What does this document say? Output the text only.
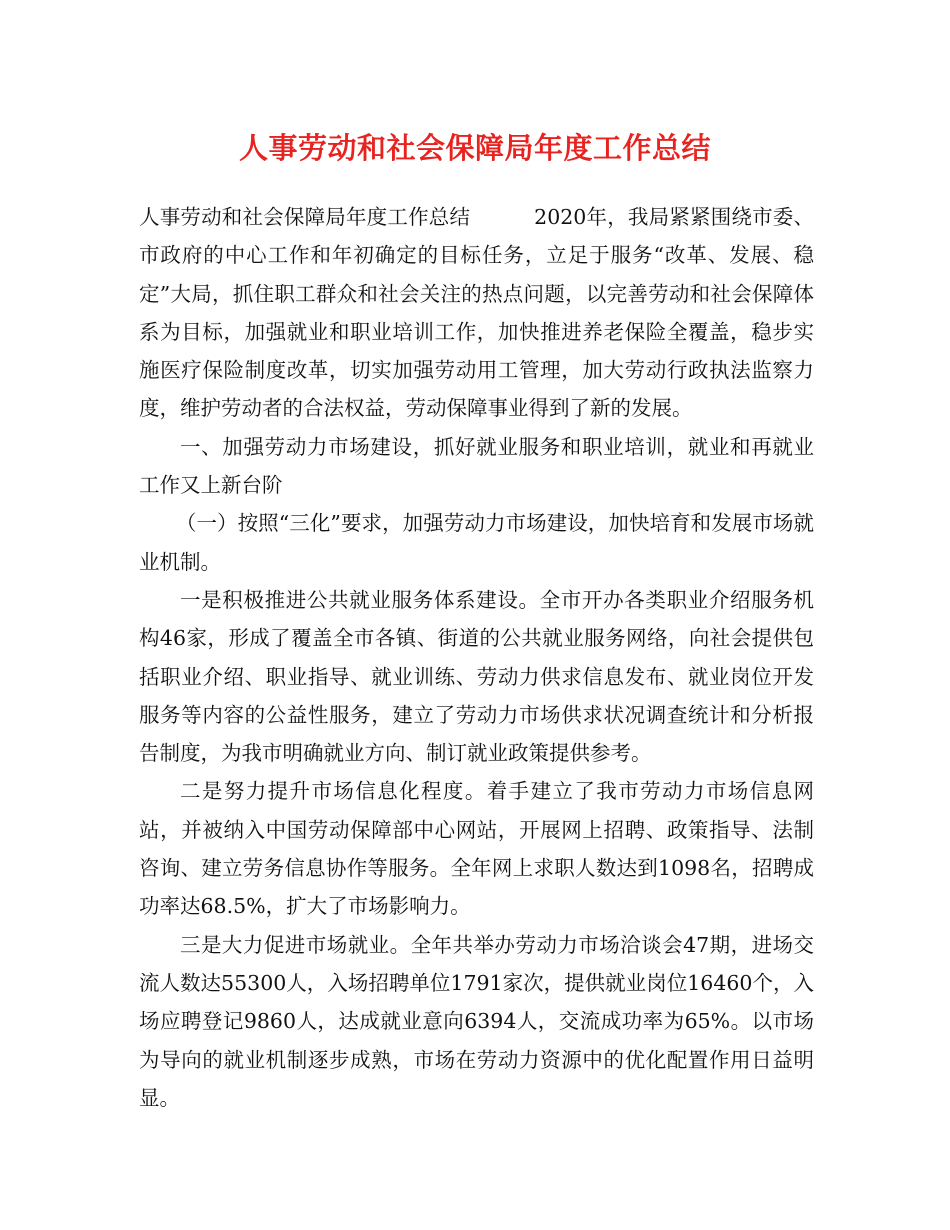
人事劳动和社会保障局年度工作总结

人事劳动和社会保障局年度工作总结	2020年，我局紧紧围绕市委、市政府的中心工作和年初确定的目标任务，立足于服务“改革、发展、稳定”大局，抓住职工群众和社会关注的热点问题，以完善劳动和社会保障体系为目标，加强就业和职业培训工作，加快推进养老保险全覆盖，稳步实施医疗保险制度改革，切实加强劳动用工管理，加大劳动行政执法监察力度，维护劳动者的合法权益，劳动保障事业得到了新的发展。

一、加强劳动力市场建设，抓好就业服务和职业培训，就业和再就业工作又上新台阶

（一）按照“三化”要求，加强劳动力市场建设，加快培育和发展市场就业机制。

一是积极推进公共就业服务体系建设。全市开办各类职业介绍服务机构46家，形成了覆盖全市各镇、街道的公共就业服务网络，向社会提供包括职业介绍、职业指导、就业训练、劳动力供求信息发布、就业岗位开发服务等内容的公益性服务，建立了劳动力市场供求状况调查统计和分析报告制度，为我市明确就业方向、制订就业政策提供参考。

二是努力提升市场信息化程度。着手建立了我市劳动力市场信息网站，并被纳入中国劳动保障部中心网站，开展网上招聘、政策指导、法制咨询、建立劳务信息协作等服务。全年网上求职人数达到1098名，招聘成功率达68.5%，扩大了市场影响力。

三是大力促进市场就业。全年共举办劳动力市场洽谈会47期，进场交流人数达55300人，入场招聘单位1791家次，提供就业岗位16460个，入场应聘登记9860人，达成就业意向6394人，交流成功率为65%。以市场为导向的就业机制逐步成熟，市场在劳动力资源中的优化配置作用日益明显。
